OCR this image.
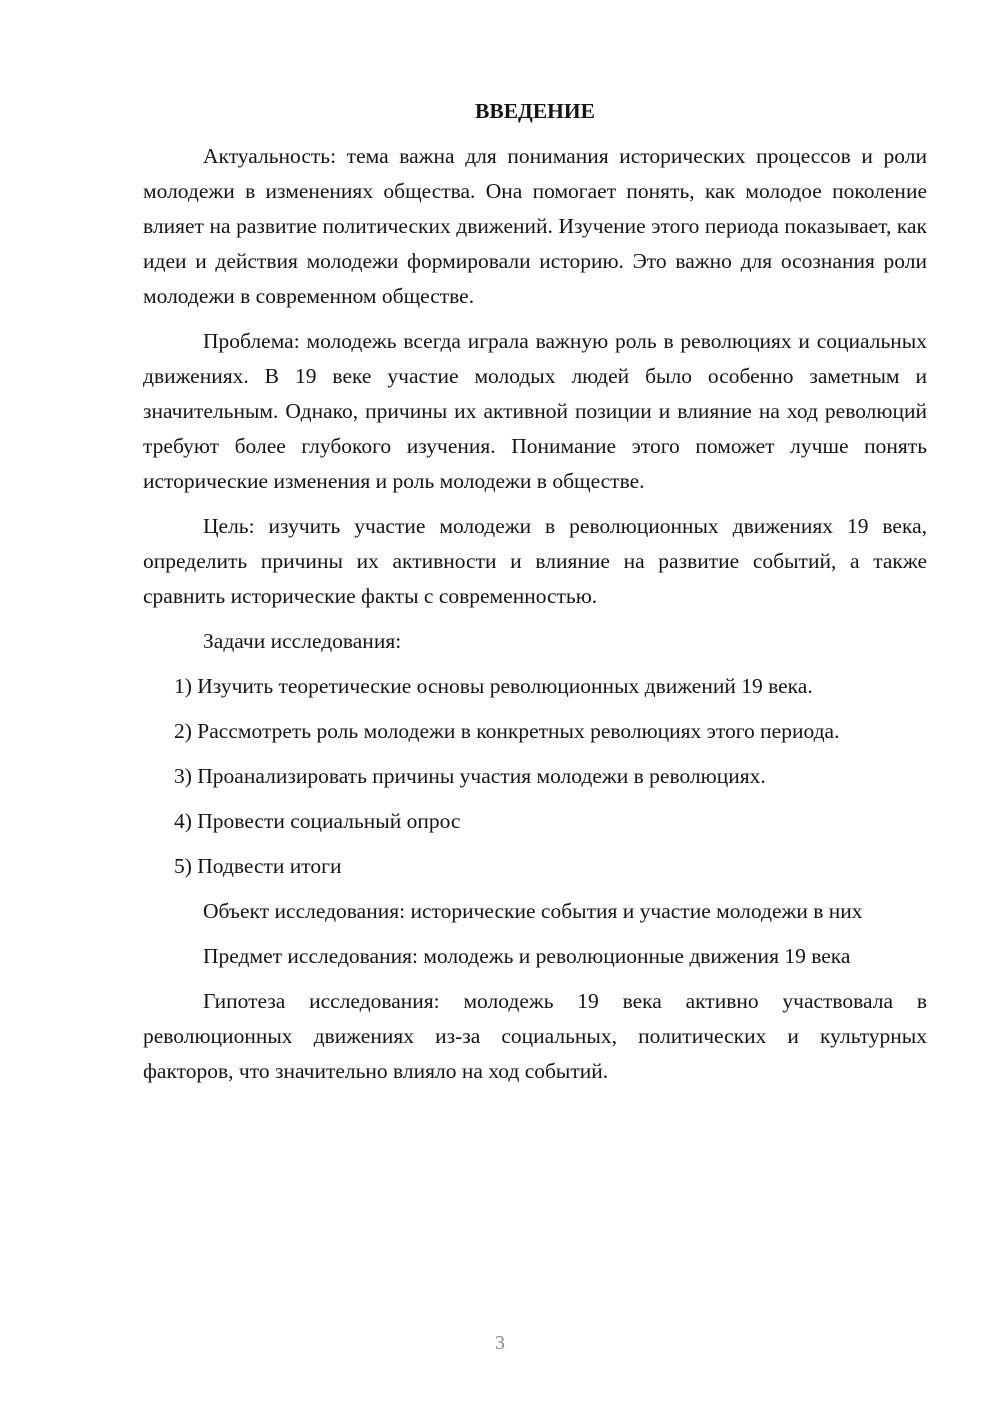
ВВЕДЕНИЕ

Актуальность: тема важна для понимания исторических процессов и роли молодежи в изменениях общества. Она помогает понять, как молодое поколение влияет на развитие политических движений. Изучение этого периода показывает, как идеи и действия молодежи формировали историю. Это важно для осознания роли молодежи в современном обществе.

Проблема: молодежь всегда играла важную роль в революциях и социальных движениях. В 19 веке участие молодых людей было особенно заметным и значительным. Однако, причины их активной позиции и влияние на ход революций требуют более глубокого изучения. Понимание этого поможет лучше понять исторические изменения и роль молодежи в обществе.

Цель: изучить участие молодежи в революционных движениях 19 века, определить причины их активности и влияние на развитие событий, а также сравнить исторические факты с современностью.

Задачи исследования:

1) Изучить теоретические основы революционных движений 19 века.

2) Рассмотреть роль молодежи в конкретных революциях этого периода.

3) Проанализировать причины участия молодежи в революциях.

4) Провести социальный опрос

5) Подвести итоги

Объект исследования: исторические события и участие молодежи в них

Предмет исследования: молодежь и революционные движения 19 века

Гипотеза исследования: молодежь 19 века активно участвовала в революционных движениях из-за социальных, политических и культурных факторов, что значительно влияло на ход событий.

3
